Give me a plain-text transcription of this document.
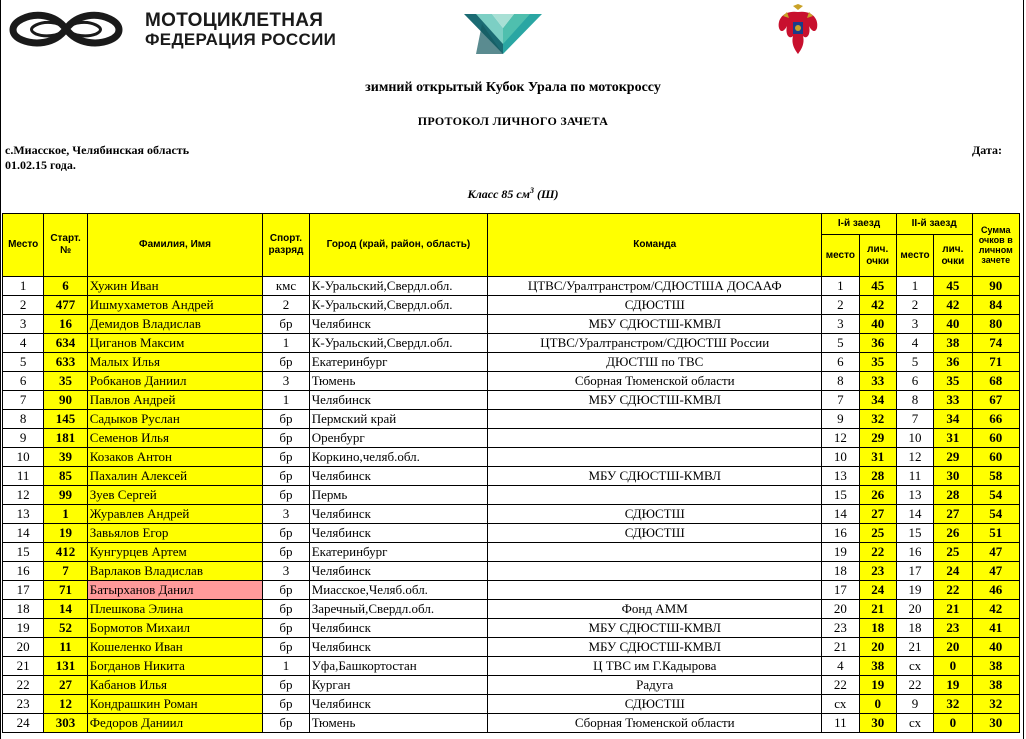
МОТОЦИКЛЕТНАЯ
ФЕДЕРАЦИЯ РОССИИ
зимний открытый Кубок Урала по мотокроссу
ПРОТОКОЛ ЛИЧНОГО ЗАЧЕТА
с.Миасское, Челябинская область
01.02.15 года.
Дата:
Класс 85 $см^3$ (Ш)
Место	Старт. №	Фамилия, Имя	Спорт. разряд	Город (край, район, область)	Команда	I-й заезд		II-й заезд		Сумма очков в личном зачете
						место	лич. очки	место	лич. очки	
1	6	Хужин Иван	кмс	К-Уральский,Свердл.обл.	ЦТВС/Уралтранстром/СДЮСТША ДОСААФ	1	45	1	45	90
2	477	Ишмухаметов Андрей	2	К-Уральский,Свердл.обл.	СДЮСТШ	2	42	2	42	84
3	16	Демидов Владислав	бр	Челябинск	МБУ СДЮСТШ-КМВЛ	3	40	3	40	80
4	634	Циганов Максим	1	К-Уральский,Свердл.обл.	ЦТВС/Уралтранстром/СДЮСТШ России	5	36	4	38	74
5	633	Малых Илья	бр	Екатеринбург	ДЮСТШ по ТВС	6	35	5	36	71
6	35	Робканов Даниил	3	Тюмень	Сборная Тюменской области	8	33	6	35	68
7	90	Павлов Андрей	1	Челябинск	МБУ СДЮСТШ-КМВЛ	7	34	8	33	67
8	145	Садыков Руслан	бр	Пермский край		9	32	7	34	66
9	181	Семенов Илья	бр	Оренбург		12	29	10	31	60
10	39	Козаков Антон	бр	Коркино,челяб.обл.		10	31	12	29	60
11	85	Пахалин Алексей	бр	Челябинск	МБУ СДЮСТШ-КМВЛ	13	28	11	30	58
12	99	Зуев Сергей	бр	Пермь		15	26	13	28	54
13	1	Журавлев Андрей	3	Челябинск	СДЮСТШ	14	27	14	27	54
14	19	Завьялов Егор	бр	Челябинск	СДЮСТШ	16	25	15	26	51
15	412	Кунгурцев Артем	бр	Екатеринбург		19	22	16	25	47
16	7	Варлаков Владислав	3	Челябинск		18	23	17	24	47
17	71	Батырханов Данил	бр	Миасское,Челяб.обл.		17	24	19	22	46
18	14	Плешкова Элина	бр	Заречный,Свердл.обл.	Фонд АММ	20	21	20	21	42
19	52	Бормотов Михаил	бр	Челябинск	МБУ СДЮСТШ-КМВЛ	23	18	18	23	41
20	11	Кошеленко Иван	бр	Челябинск	МБУ СДЮСТШ-КМВЛ	21	20	21	20	40
21	131	Богданов Никита	1	Уфа,Башкортостан	Ц ТВС им Г.Кадырова	4	38	сх	0	38
22	27	Кабанов Илья	бр	Курган	Радуга	22	19	22	19	38
23	12	Кондрашкин Роман	бр	Челябинск	СДЮСТШ	сх	0	9	32	32
24	303	Федоров Даниил	бр	Тюмень	Сборная Тюменской области	11	30	сх	0	30
